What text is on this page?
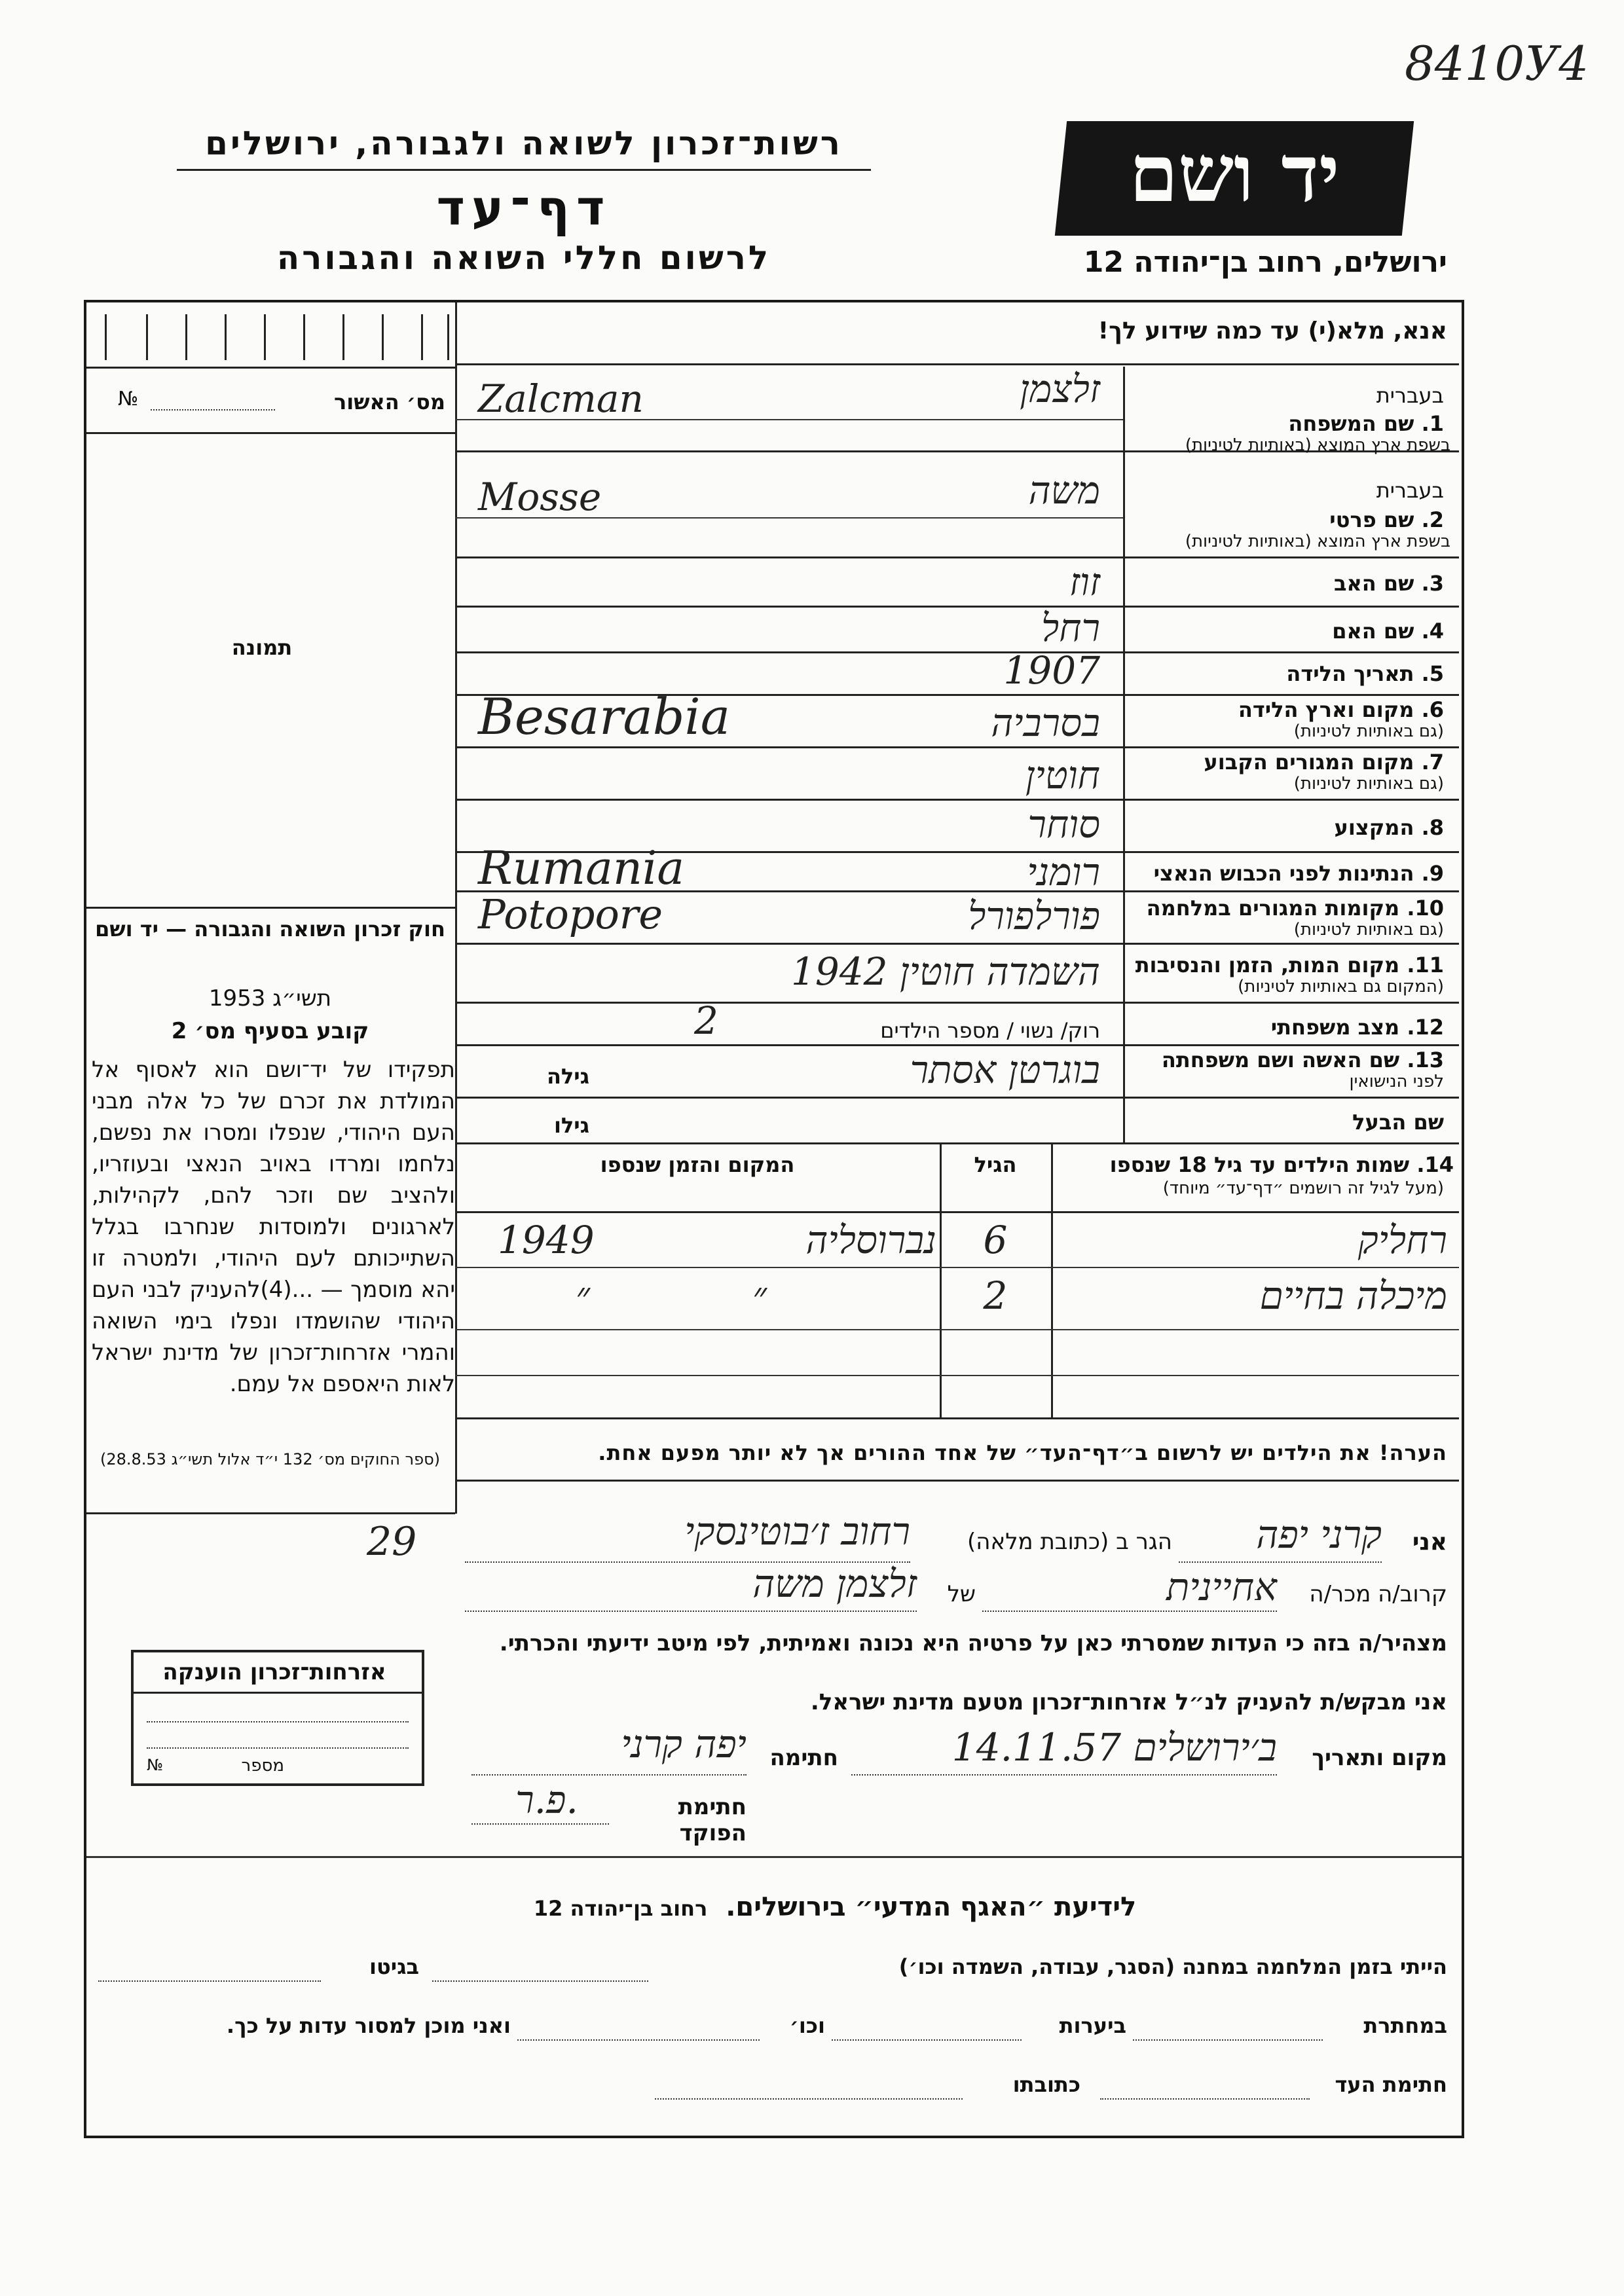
8410У4
יד ושם
ירושלים, רחוב בן־יהודה 12
רשות־זכרון לשואה ולגבורה, ירושלים
דף־עד
לרשום חללי השואה והגבורה
אנא, מלא(י) עד כמה שידוע לך!
מס׳ האשור
№
תמונה
חוק זכרון השואה והגבורה — יד ושם
תשי״ג 1953
קובע בסעיף מס׳ 2
תפקידו של יד־ושם הוא לאסוף אל המולדת את זכרם של כל אלה מבני העם היהודי, שנפלו ומסרו את נפשם, נלחמו ומרדו באויב הנאצי ובעוזריו, ולהציב שם וזכר להם, לקהילות, לארגונים ולמוסדות שנחרבו בגלל השתייכותם לעם היהודי, ולמטרה זו יהא מוסמך — ...(4)להעניק לבני העם היהודי שהושמדו ונפלו בימי השואה והמרי אזרחות־זכרון של מדינת ישראל לאות היאספם אל עמם.
(ספר החוקים מס׳ 132 י״ד אלול תשי״ג 28.8.53)
בעברית
1. שם המשפחה
בשפת ארץ המוצא (באותיות לטיניות)
זלצמן
Zalcman
בעברית
2. שם פרטי
בשפת ארץ המוצא (באותיות לטיניות)
משה
Mosse
3. שם האב
זוז
4. שם האם
רחל
5. תאריך הלידה
1907
6. מקום וארץ הלידה
(גם באותיות לטיניות)
בסרביה
Besarabia
7. מקום המגורים הקבוע
(גם באותיות לטיניות)
חוטין
8. המקצוע
סוחר
9. הנתינות לפני הכבוש הנאצי
רומני
Rumania
10. מקומות המגורים במלחמה
(גם באותיות לטיניות)
פורלפורל
Potopore
11. מקום המות, הזמן והנסיבות
(המקום גם באותיות לטיניות)
השמדה חוטין 1942
12. מצב משפחתי
רוק/ נשוי / מספר הילדים
2
13. שם האשה ושם משפחתה
לפני הנישואין
גילה	בוגרטן אסתר
שם הבעל
גילו
14. שמות הילדים עד גיל 18 שנספו
(מעל לגיל זה רושמים ״דף־עד״ מיוחד)
הגיל
המקום והזמן שנספו
רחליק
6
נברוסליה
1949
מיכלה בחיים
2
״
״
הערה! את הילדים יש לרשום ב״דף־העד״ של אחד ההורים אך לא יותר מפעם אחת.
29	אני
קרני יפה
הגר ב (כתובת מלאה)
רחוב ז׳בוטינסקי
קרוב/ה מכר/ה
אחיינית
של
זלצמן משה
מצהיר/ה בזה כי העדות שמסרתי כאן על פרטיה היא נכונה ואמיתית, לפי מיטב ידיעתי והכרתי.
אני מבקש/ת להעניק לנ״ל אזרחות־זכרון מטעם מדינת ישראל.
מקום ותאריך
ב׳ירושלים 14.11.57
חתימה
יפה קרני
חתימת הפוקד
פ.ר.
אזרחות־זכרון הוענקה
מספר
№
לידיעת ״האגף המדעי״ בירושלים.  רחוב בן־יהודה 12
הייתי בזמן המלחמה במחנה (הסגר, עבודה, השמדה וכו׳)
בגיטו
במחתרת
ביערות
וכו׳
ואני מוכן למסור עדות על כך.
חתימת העד
כתובתו
